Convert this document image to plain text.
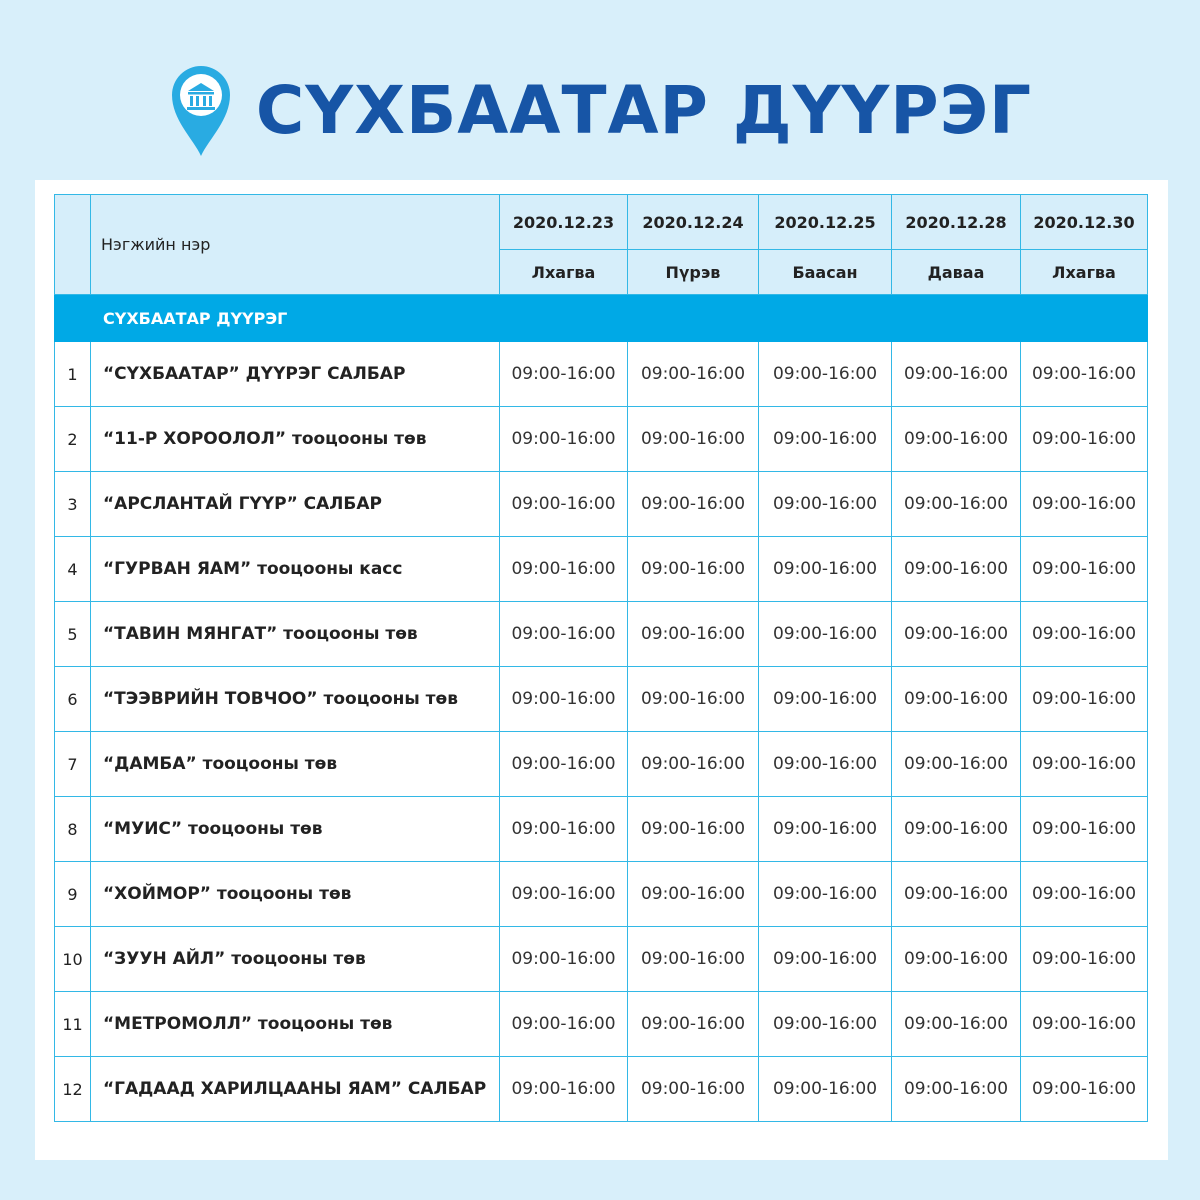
СҮХБААТАР ДҮҮРЭГ
	Нэгжийн нэр	2020.12.23	2020.12.24	2020.12.25	2020.12.28	2020.12.30
		Лхагва	Пүрэв	Баасан	Даваа	Лхагва
	СҮХБААТАР ДҮҮРЭГ					
1	“СҮХБААТАР” ДҮҮРЭГ САЛБАР	09:00-16:00	09:00-16:00	09:00-16:00	09:00-16:00	09:00-16:00
2	“11-Р ХОРООЛОЛ” тооцооны төв	09:00-16:00	09:00-16:00	09:00-16:00	09:00-16:00	09:00-16:00
3	“АРСЛАНТАЙ ГҮҮР” САЛБАР	09:00-16:00	09:00-16:00	09:00-16:00	09:00-16:00	09:00-16:00
4	“ГУРВАН ЯАМ” тооцооны касс	09:00-16:00	09:00-16:00	09:00-16:00	09:00-16:00	09:00-16:00
5	“ТАВИН МЯНГАТ” тооцооны төв	09:00-16:00	09:00-16:00	09:00-16:00	09:00-16:00	09:00-16:00
6	“ТЭЭВРИЙН ТОВЧОО” тооцооны төв	09:00-16:00	09:00-16:00	09:00-16:00	09:00-16:00	09:00-16:00
7	“ДАМБА” тооцооны төв	09:00-16:00	09:00-16:00	09:00-16:00	09:00-16:00	09:00-16:00
8	“МУИС” тооцооны төв	09:00-16:00	09:00-16:00	09:00-16:00	09:00-16:00	09:00-16:00
9	“ХОЙМОР” тооцооны төв	09:00-16:00	09:00-16:00	09:00-16:00	09:00-16:00	09:00-16:00
10	“ЗУУН АЙЛ” тооцооны төв	09:00-16:00	09:00-16:00	09:00-16:00	09:00-16:00	09:00-16:00
11	“МЕТРОМОЛЛ” тооцооны төв	09:00-16:00	09:00-16:00	09:00-16:00	09:00-16:00	09:00-16:00
12	“ГАДААД ХАРИЛЦААНЫ ЯАМ” САЛБАР	09:00-16:00	09:00-16:00	09:00-16:00	09:00-16:00	09:00-16:00
